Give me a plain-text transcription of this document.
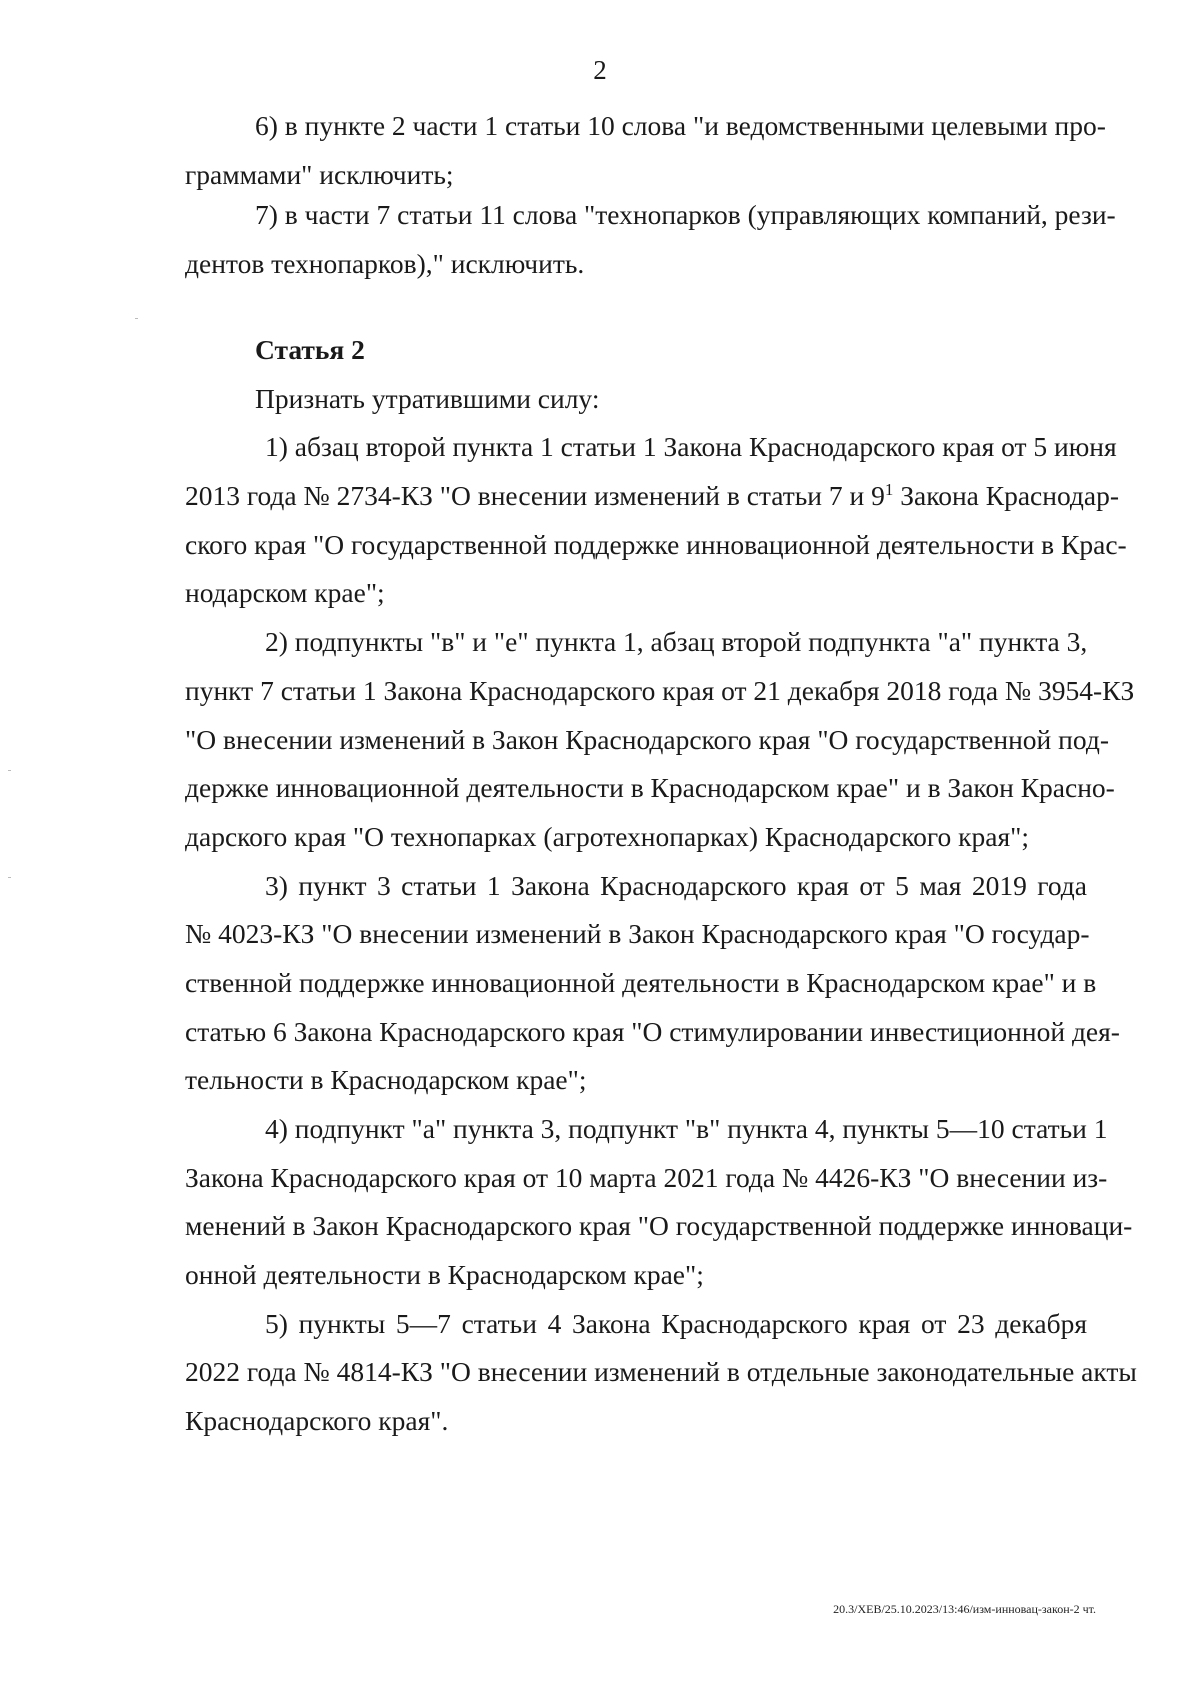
2
6) в пункте 2 части 1 статьи 10 слова "и ведомственными целевыми про-
граммами" исключить;
7) в части 7 статьи 11 слова "технопарков (управляющих компаний, рези-
дентов технопарков)," исключить.
Статья 2
Признать утратившими силу:
1) абзац второй пункта 1 статьи 1 Закона Краснодарского края от 5 июня
2013 года № 2734-КЗ "О внесении изменений в статьи 7 и $9^1$ Закона Краснодар-
ского края "О государственной поддержке инновационной деятельности в Крас-
нодарском крае";
2) подпункты "в" и "е" пункта 1, абзац второй подпункта "а" пункта 3,
пункт 7 статьи 1 Закона Краснодарского края от 21 декабря 2018 года № 3954-КЗ
"О внесении изменений в Закон Краснодарского края "О государственной под-
держке инновационной деятельности в Краснодарском крае" и в Закон Красно-
дарского края "О технопарках (агротехнопарках) Краснодарского края";
3) пункт 3 статьи 1 Закона Краснодарского края от 5 мая 2019 года
№ 4023-КЗ "О внесении изменений в Закон Краснодарского края "О государ-
ственной поддержке инновационной деятельности в Краснодарском крае" и в
статью 6 Закона Краснодарского края "О стимулировании инвестиционной дея-
тельности в Краснодарском крае";
4) подпункт "а" пункта 3, подпункт "в" пункта 4, пункты 5—10 статьи 1
Закона Краснодарского края от 10 марта 2021 года № 4426-КЗ "О внесении из-
менений в Закон Краснодарского края "О государственной поддержке инноваци-
онной деятельности в Краснодарском крае";
5) пункты 5—7 статьи 4 Закона Краснодарского края от 23 декабря
2022 года № 4814-КЗ "О внесении изменений в отдельные законодательные акты
Краснодарского края".
20.3/ХЕВ/25.10.2023/13:46/изм-инновац-закон-2 чт.
